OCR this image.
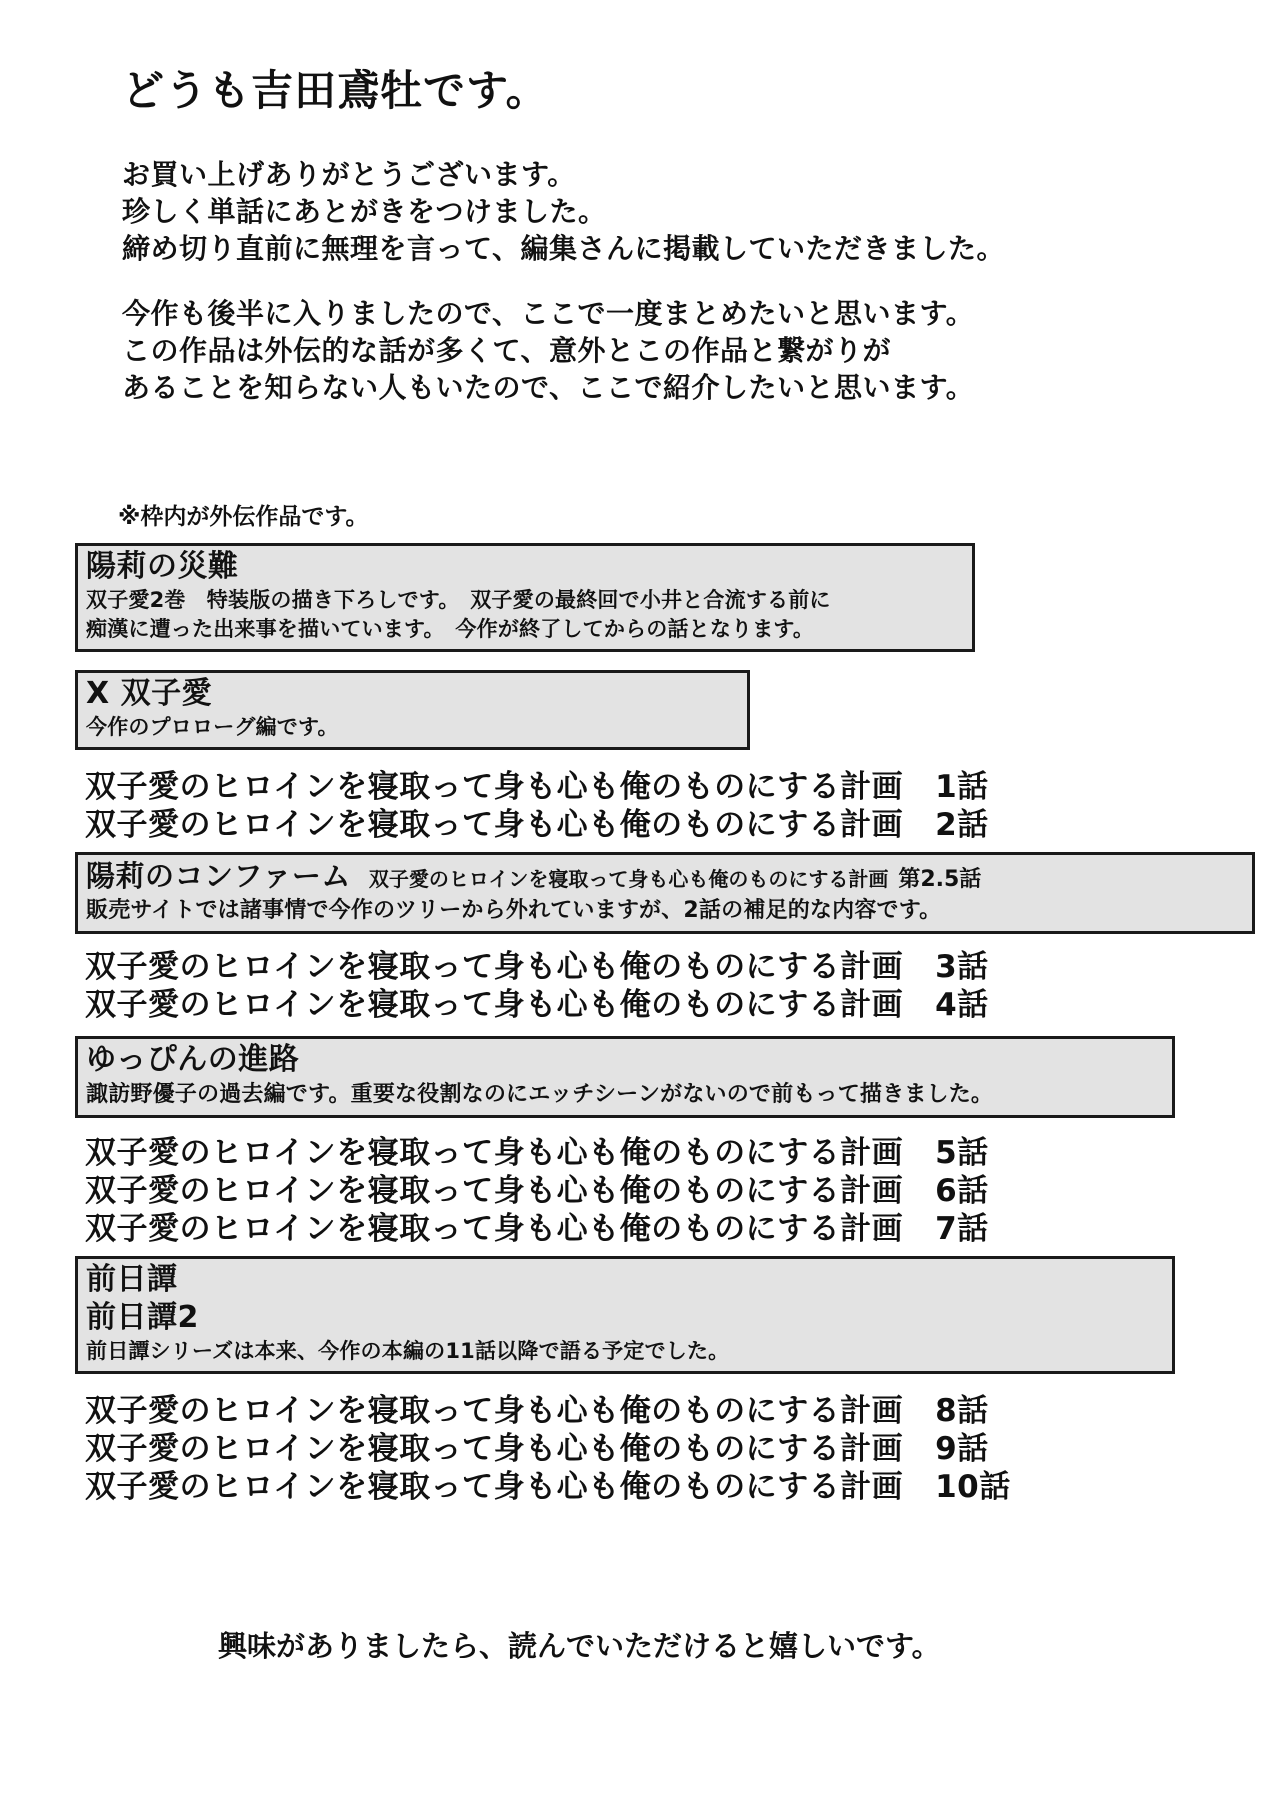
どうも吉田鳶牡です。
お買い上げありがとうございます。
珍しく単話にあとがきをつけました。
締め切り直前に無理を言って、編集さんに掲載していただきました。
今作も後半に入りましたので、ここで一度まとめたいと思います。
この作品は外伝的な話が多くて、意外とこの作品と繋がりが
あることを知らない人もいたので、ここで紹介したいと思います。
※枠内が外伝作品です。
陽莉の災難
双子愛2巻　特装版の描き下ろしです。　双子愛の最終回で小井と合流する前に
痴漢に遭った出来事を描いています。　今作が終了してからの話となります。
X 双子愛
今作のプロローグ編です。
双子愛のヒロインを寝取って身も心も俺のものにする計画 1話
双子愛のヒロインを寝取って身も心も俺のものにする計画 2話
陽莉のコンファーム 双子愛のヒロインを寝取って身も心も俺のものにする計画 第2.5話
販売サイトでは諸事情で今作のツリーから外れていますが、2話の補足的な内容です。
双子愛のヒロインを寝取って身も心も俺のものにする計画 3話
双子愛のヒロインを寝取って身も心も俺のものにする計画 4話
ゆっぴんの進路
諏訪野優子の過去編です。重要な役割なのにエッチシーンがないので前もって描きました。
双子愛のヒロインを寝取って身も心も俺のものにする計画 5話
双子愛のヒロインを寝取って身も心も俺のものにする計画 6話
双子愛のヒロインを寝取って身も心も俺のものにする計画 7話
前日譚
前日譚2
前日譚シリーズは本来、今作の本編の11話以降で語る予定でした。
双子愛のヒロインを寝取って身も心も俺のものにする計画 8話
双子愛のヒロインを寝取って身も心も俺のものにする計画 9話
双子愛のヒロインを寝取って身も心も俺のものにする計画 10話
興味がありましたら、読んでいただけると嬉しいです。
